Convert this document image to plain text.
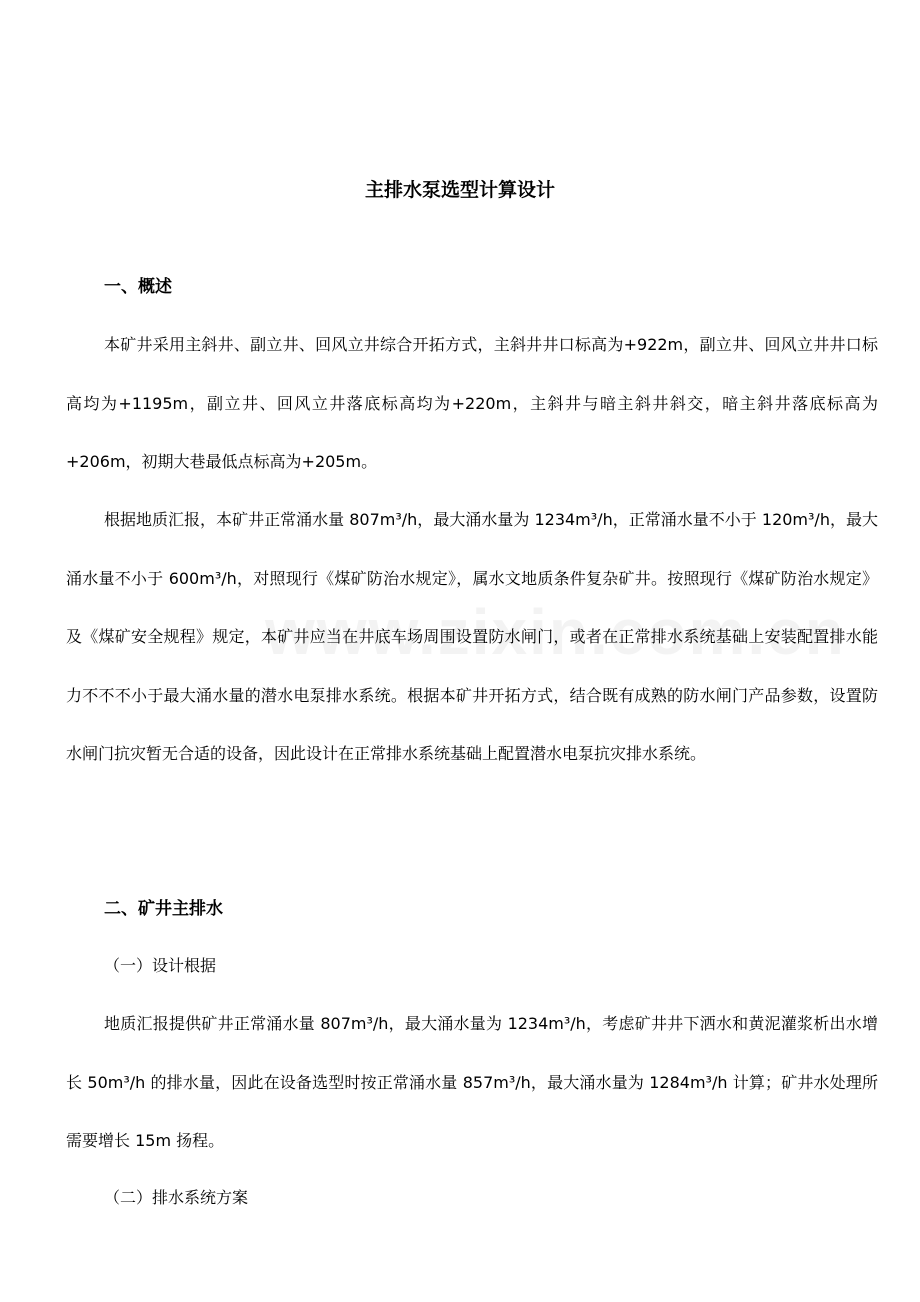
主排水泵选型计算设计
一、概述

本矿井采用主斜井、副立井、回风立井综合开拓方式，主斜井井口标高为+922m，副立井、回风立井井口标高均为+1195m，副立井、回风立井落底标高均为+220m，主斜井与暗主斜井斜交，暗主斜井落底标高为+206m，初期大巷最低点标高为+205m。

根据地质汇报，本矿井正常涌水量 807m³/h，最大涌水量为 1234m³/h，正常涌水量不小于 120m³/h，最大涌水量不小于 600m³/h，对照现行《煤矿防治水规定》，属水文地质条件复杂矿井。按照现行《煤矿防治水规定》及《煤矿安全规程》规定，本矿井应当在井底车场周围设置防水闸门，或者在正常排水系统基础上安装配置排水能力不不不小于最大涌水量的潜水电泵排水系统。根据本矿井开拓方式，结合既有成熟的防水闸门产品参数，设置防水闸门抗灾暂无合适的设备，因此设计在正常排水系统基础上配置潜水电泵抗灾排水系统。

二、矿井主排水
（一）设计根据

地质汇报提供矿井正常涌水量 807m³/h，最大涌水量为 1234m³/h，考虑矿井井下洒水和黄泥灌浆析出水增长 50m³/h 的排水量，因此在设备选型时按正常涌水量 857m³/h，最大涌水量为 1284m³/h 计算；矿井水处理所需要增长 15m 扬程。

（二）排水系统方案
